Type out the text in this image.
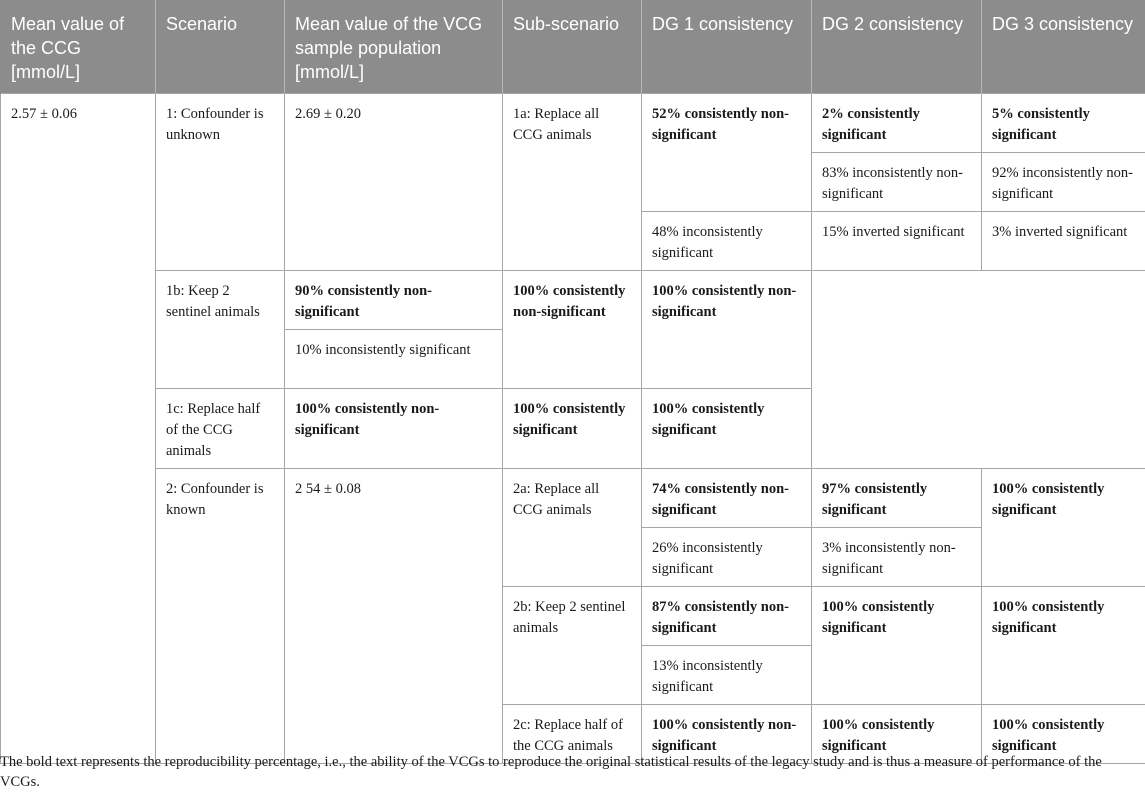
Mean value of the CCG [mmol/L]	Scenario	Mean value of the VCG sample population [mmol/L]	Sub-scenario	DG 1 consistency	DG 2 consistency	DG 3 consistency
2.57 ± 0.06	1: Confounder is unknown	2.69 ± 0.20	1a: Replace all CCG animals	52% consistently non-significant	2% consistently significant	5% consistently significant
					83% inconsistently non-significant	92% inconsistently non-significant
				48% inconsistently significant	15% inverted significant	3% inverted significant
	1b: Keep 2 sentinel animals	90% consistently non-significant	100% consistently non-significant	100% consistently non-significant		
		10% inconsistently significant				
	1c: Replace half of the CCG animals	100% consistently non-significant	100% consistently significant	100% consistently significant		
	2: Confounder is known	2 54 ± 0.08	2a: Replace all CCG animals	74% consistently non-significant	97% consistently significant	100% consistently significant
				26% inconsistently significant	3% inconsistently non-significant	
			2b: Keep 2 sentinel animals	87% consistently non-significant	100% consistently significant	100% consistently significant
				13% inconsistently significant		
			2c: Replace half of the CCG animals	100% consistently non-significant	100% consistently significant	100% consistently significant
The bold text represents the reproducibility percentage, i.e., the ability of the VCGs to reproduce the original statistical results of the legacy study and is thus a measure of performance of the VCGs.
